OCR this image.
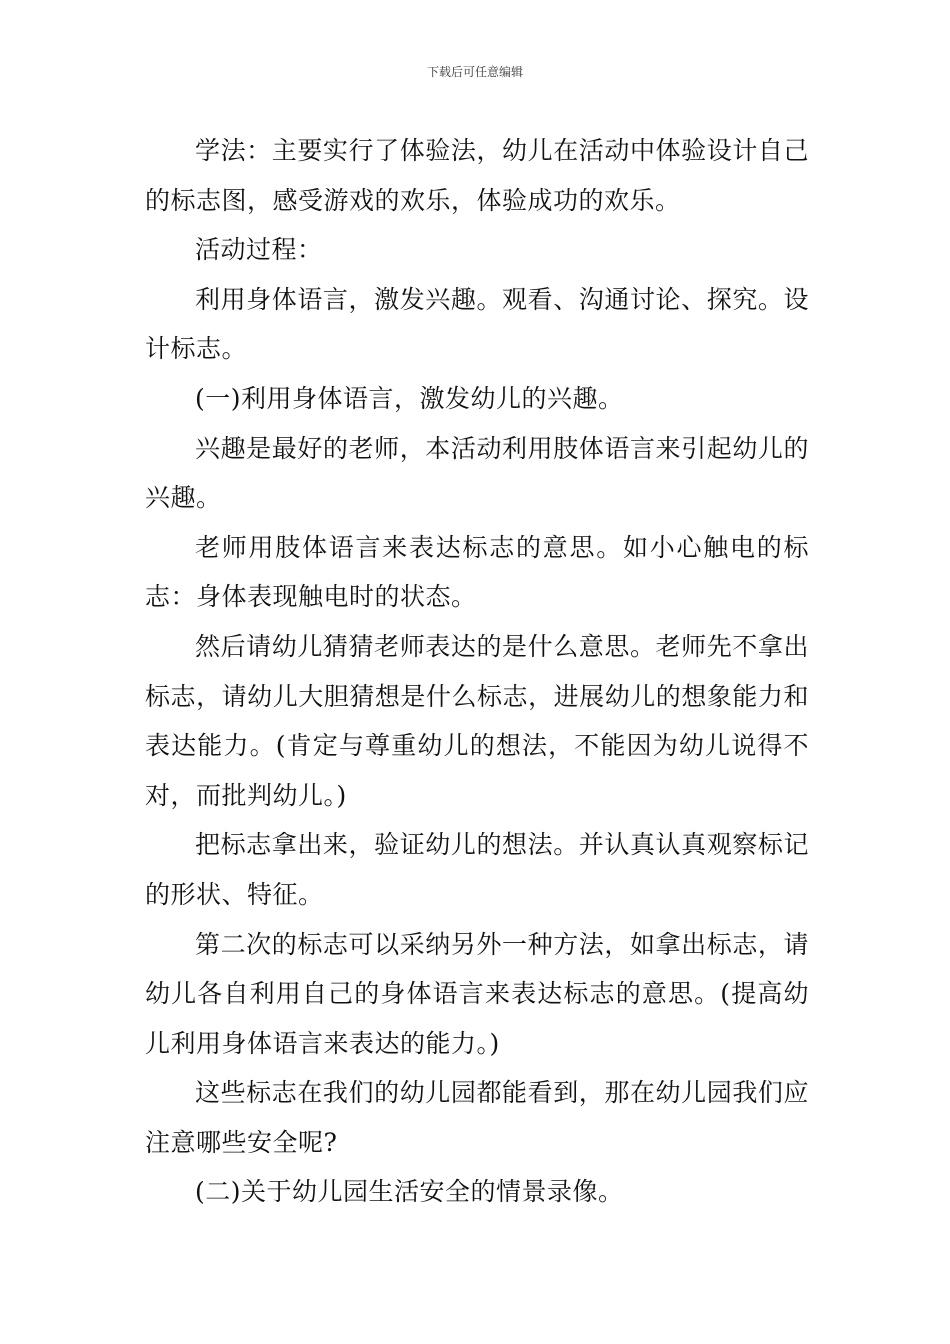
下载后可任意编辑

学法：主要实行了体验法，幼儿在活动中体验设计自己的标志图，感受游戏的欢乐，体验成功的欢乐。

活动过程：

利用身体语言，激发兴趣。观看、沟通讨论、探究。设计标志。

(一)利用身体语言，激发幼儿的兴趣。

兴趣是最好的老师，本活动利用肢体语言来引起幼儿的兴趣。

老师用肢体语言来表达标志的意思。如小心触电的标志：身体表现触电时的状态。

然后请幼儿猜猜老师表达的是什么意思。老师先不拿出标志，请幼儿大胆猜想是什么标志，进展幼儿的想象能力和表达能力。(肯定与尊重幼儿的想法，不能因为幼儿说得不对，而批判幼儿。)

把标志拿出来，验证幼儿的想法。并认真认真观察标记的形状、特征。

第二次的标志可以采纳另外一种方法，如拿出标志，请幼儿各自利用自己的身体语言来表达标志的意思。(提高幼儿利用身体语言来表达的能力。)

这些标志在我们的幼儿园都能看到，那在幼儿园我们应注意哪些安全呢?

(二)关于幼儿园生活安全的情景录像。
